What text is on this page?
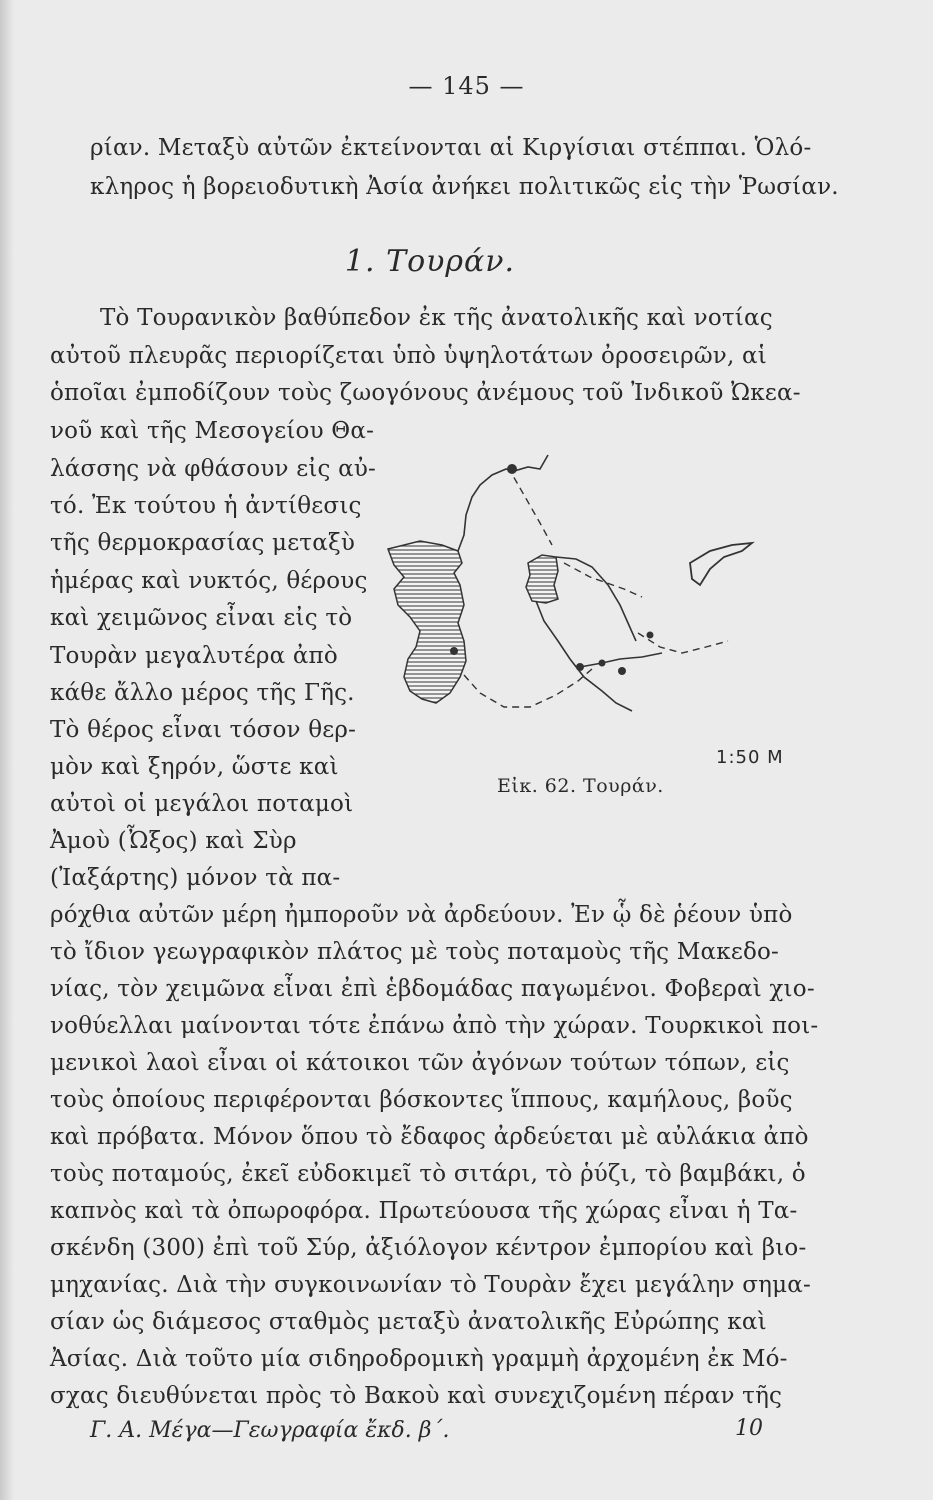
— 145 —
ρίαν. Μεταξὺ αὐτῶν ἐκτείνονται αἱ Κιργίσιαι στέππαι. Ὁλό-
κληρος ἡ βορειοδυτικὴ Ἀσία ἀνήκει πολιτικῶς εἰς τὴν Ῥωσίαν.
1. Τουράν.
Τὸ Τουρανικὸν βαθύπεδον ἐκ τῆς ἀνατολικῆς καὶ νοτίας
αὐτοῦ πλευρᾶς περιορίζεται ὑπὸ ὑψηλοτάτων ὀροσειρῶν, αἱ
ὁποῖαι ἐμποδίζουν τοὺς ζωογόνους ἀνέμους τοῦ Ἰνδικοῦ Ὠκεα-
νοῦ καὶ τῆς Μεσογείου Θα-
λάσσης νὰ φθάσουν εἰς αὐ-
τό. Ἐκ τούτου ἡ ἀντίθεσις
τῆς θερμοκρασίας μεταξὺ
ἡμέρας καὶ νυκτός, θέρους
καὶ χειμῶνος εἶναι εἰς τὸ
Τουρὰν μεγαλυτέρα ἀπὸ
κάθε ἄλλο μέρος τῆς Γῆς.
Τὸ θέρος εἶναι τόσον θερ-
μὸν καὶ ξηρόν, ὥστε καὶ
αὐτοὶ οἱ μεγάλοι ποταμοὶ
Ἀμοὺ (Ὦξος) καὶ Σὺρ
(Ἰαξάρτης) μόνον τὰ πα-
ρόχθια αὐτῶν μέρη ἠμποροῦν νὰ ἀρδεύουν. Ἐν ᾧ δὲ ῥέουν ὑπὸ
τὸ ἴδιον γεωγραφικὸν πλάτος μὲ τοὺς ποταμοὺς τῆς Μακεδο-
νίας, τὸν χειμῶνα εἶναι ἐπὶ ἑβδομάδας παγωμένοι. Φοβεραὶ χιο-
νοθύελλαι μαίνονται τότε ἐπάνω ἀπὸ τὴν χώραν. Τουρκικοὶ ποι-
μενικοὶ λαοὶ εἶναι οἱ κάτοικοι τῶν ἀγόνων τούτων τόπων, εἰς
τοὺς ὁποίους περιφέρονται βόσκοντες ἵππους, καμήλους, βοῦς
καὶ πρόβατα. Μόνον ὅπου τὸ ἔδαφος ἀρδεύεται μὲ αὐλάκια ἀπὸ
τοὺς ποταμούς, ἐκεῖ εὐδοκιμεῖ τὸ σιτάρι, τὸ ῥύζι, τὸ βαμβάκι, ὁ
καπνὸς καὶ τὰ ὀπωροφόρα. Πρωτεύουσα τῆς χώρας εἶναι ἡ Τα-
σκένδη (300) ἐπὶ τοῦ Σύρ, ἀξιόλογον κέντρον ἐμπορίου καὶ βιο-
μηχανίας. Διὰ τὴν συγκοινωνίαν τὸ Τουρὰν ἔχει μεγάλην σημα-
σίαν ὡς διάμεσος σταθμὸς μεταξὺ ἀνατολικῆς Εὐρώπης καὶ
Ἀσίας. Διὰ τοῦτο μία σιδηροδρομικὴ γραμμὴ ἀρχομένη ἐκ Μό-
σχας διευθύνεται πρὸς τὸ Βακοὺ καὶ συνεχιζομένη πέραν τῆς
1:50 M
Εἰκ. 62. Τουράν.
Γ. Α. Μέγα—Γεωγραφία ἔκδ. β΄.	10
